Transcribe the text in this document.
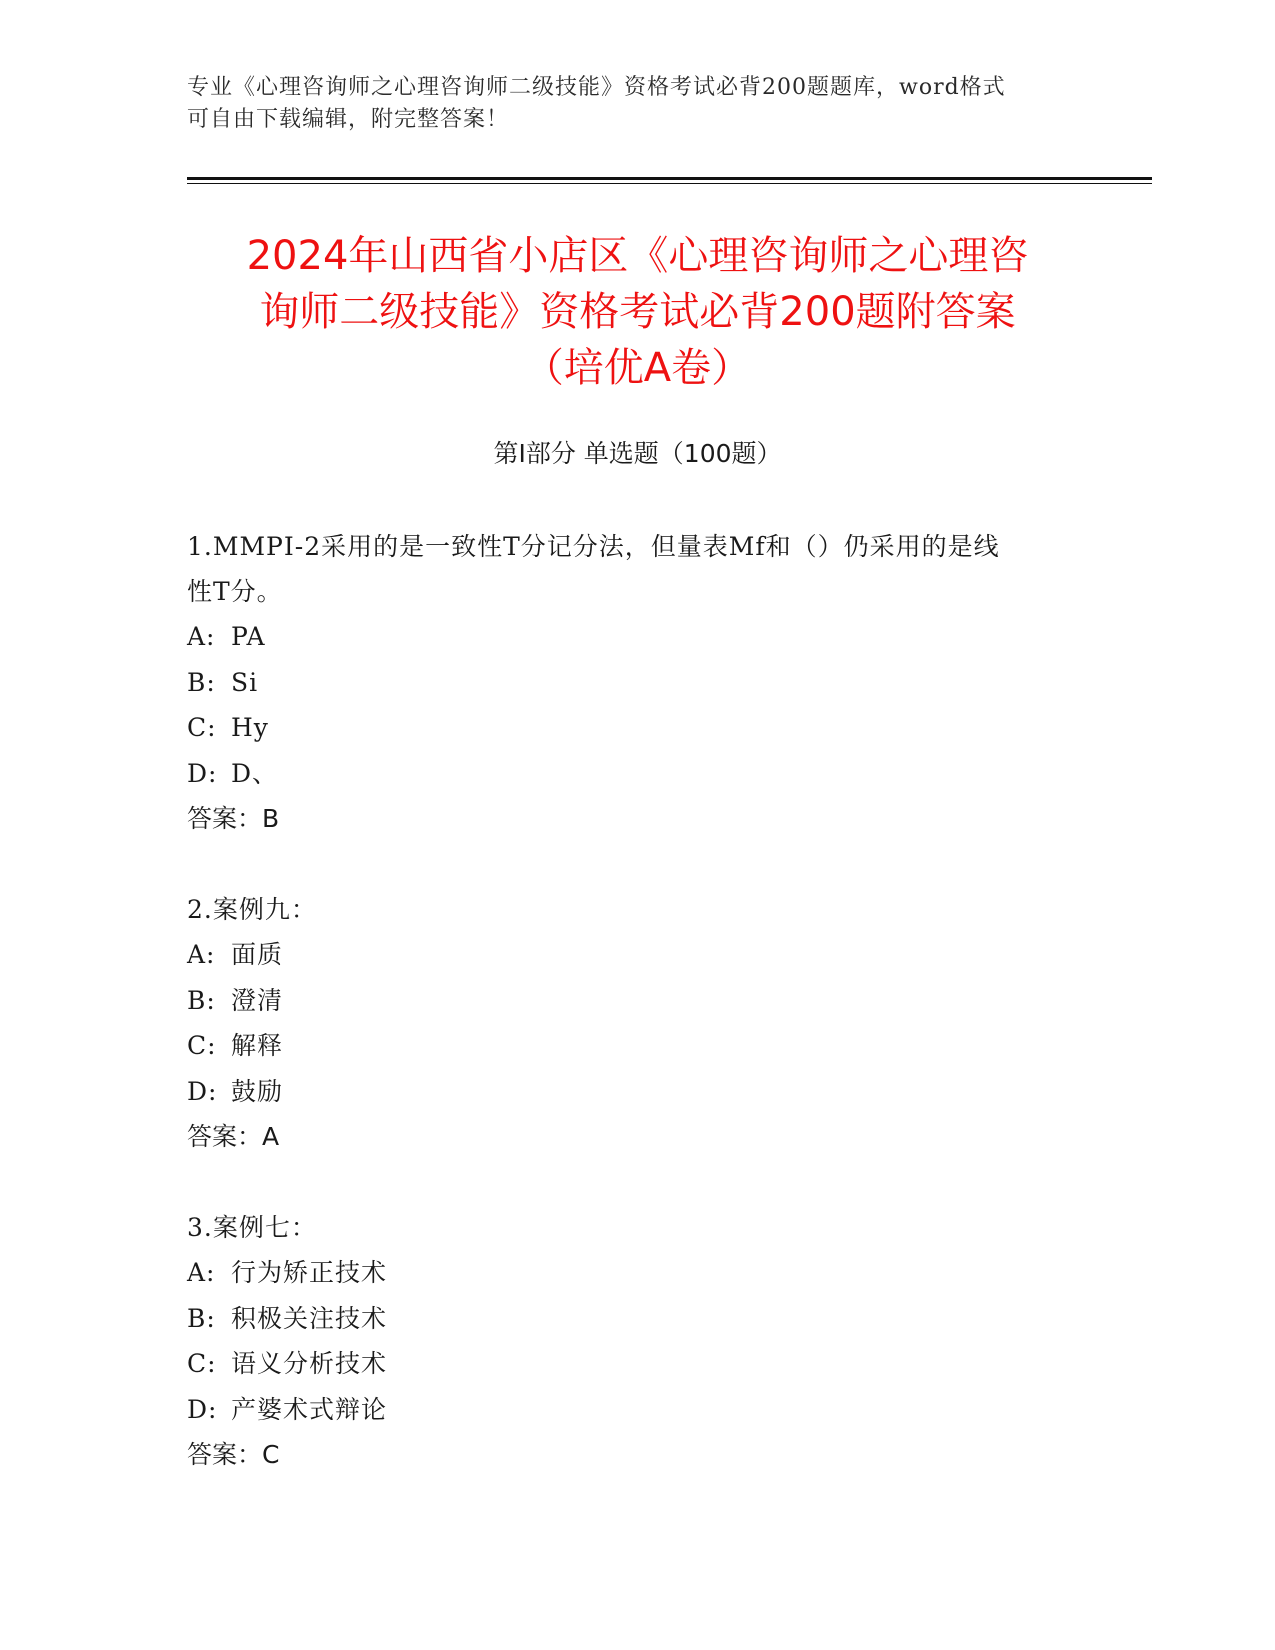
专业《心理咨询师之心理咨询师二级技能》资格考试必背200题题库，word格式
可自由下载编辑，附完整答案！
2024年山西省小店区《心理咨询师之心理咨
询师二级技能》资格考试必背200题附答案
（培优A卷）
第Ⅰ部分 单选题（100题）
1.MMPI-2采用的是一致性T分记分法，但量表Mf和（）仍采用的是线
性T分。
A: PA
B: Si
C: Hy
D: D、
答案：B
2.案例九：
A: 面质
B: 澄清
C: 解释
D: 鼓励
答案：A
3.案例七：
A: 行为矫正技术
B: 积极关注技术
C: 语义分析技术
D: 产婆术式辩论
答案：C
